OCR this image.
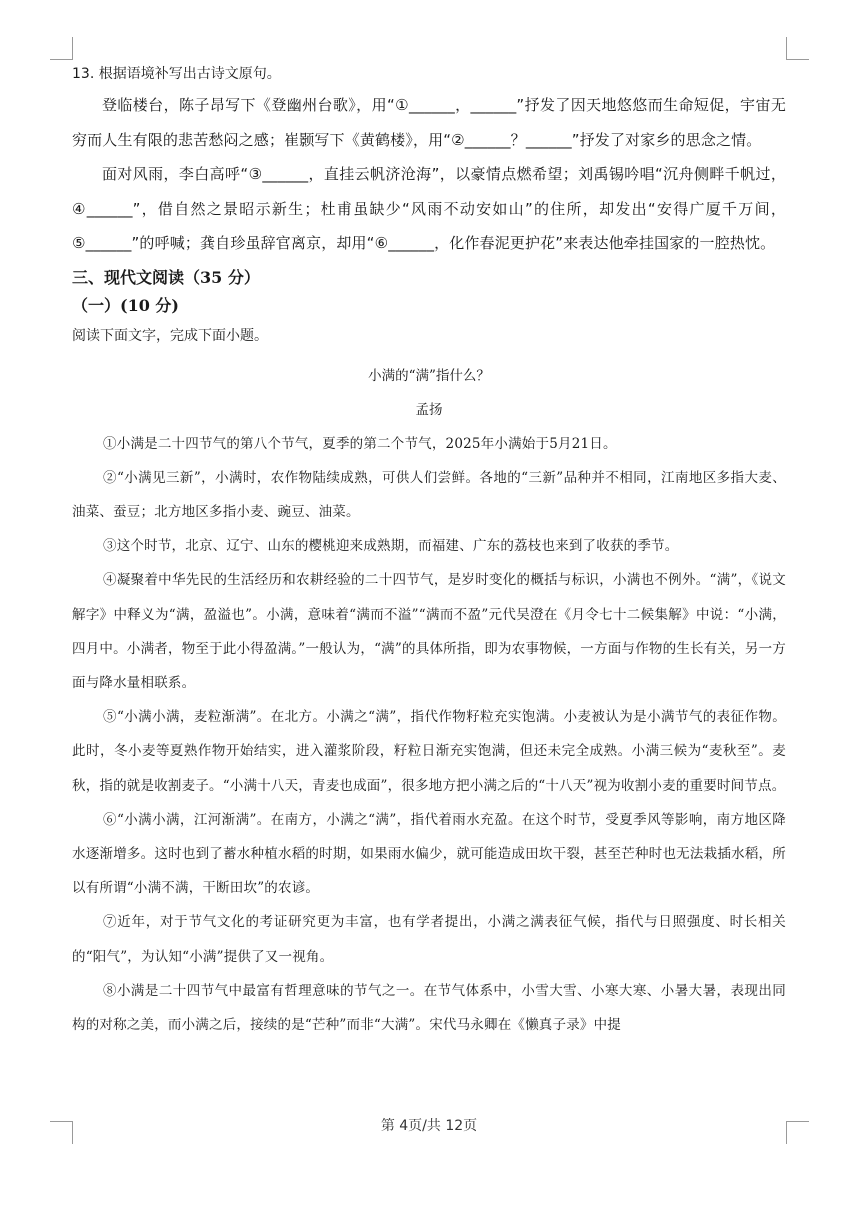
13. 根据语境补写出古诗文原句。

登临楼台，陈子昂写下《登幽州台歌》，用“①______，______”抒发了因天地悠悠而生命短促，宇宙无穷而人生有限的悲苦愁闷之感；崔颢写下《黄鹤楼》，用“②______？______”抒发了对家乡的思念之情。

面对风雨，李白高呼“③______，直挂云帆济沧海”，以豪情点燃希望；刘禹锡吟唱“沉舟侧畔千帆过，④______”，借自然之景昭示新生；杜甫虽缺少“风雨不动安如山”的住所，却发出“安得广厦千万间，⑤______”的呼喊；龚自珍虽辞官离京，却用“⑥______，化作春泥更护花”来表达他牵挂国家的一腔热忱。

三、现代文阅读（35 分）

（一）(10 分)

阅读下面文字，完成下面小题。

小满的“满”指什么？

孟扬

①小满是二十四节气的第八个节气，夏季的第二个节气，2025年小满始于5月21日。

②“小满见三新”，小满时，农作物陆续成熟，可供人们尝鲜。各地的“三新”品种并不相同，江南地区多指大麦、油菜、蚕豆；北方地区多指小麦、豌豆、油菜。

③这个时节，北京、辽宁、山东的樱桃迎来成熟期，而福建、广东的荔枝也来到了收获的季节。

④凝聚着中华先民的生活经历和农耕经验的二十四节气，是岁时变化的概括与标识，小满也不例外。“满”，《说文解字》中释义为“满，盈溢也”。小满，意味着“满而不溢”“满而不盈”元代吴澄在《月令七十二候集解》中说：“小满，四月中。小满者，物至于此小得盈满。”一般认为，“满”的具体所指，即为农事物候，一方面与作物的生长有关，另一方面与降水量相联系。

⑤“小满小满，麦粒渐满”。在北方。小满之“满”，指代作物籽粒充实饱满。小麦被认为是小满节气的表征作物。此时，冬小麦等夏熟作物开始结实，进入灌浆阶段，籽粒日渐充实饱满，但还未完全成熟。小满三候为“麦秋至”。麦秋，指的就是收割麦子。“小满十八天，青麦也成面”，很多地方把小满之后的“十八天”视为收割小麦的重要时间节点。

⑥“小满小满，江河渐满”。在南方，小满之“满”，指代着雨水充盈。在这个时节，受夏季风等影响，南方地区降水逐渐增多。这时也到了蓄水种植水稻的时期，如果雨水偏少，就可能造成田坎干裂，甚至芒种时也无法栽插水稻，所以有所谓“小满不满，干断田坎”的农谚。

⑦近年，对于节气文化的考证研究更为丰富，也有学者提出，小满之满表征气候，指代与日照强度、时长相关的“阳气”，为认知“小满”提供了又一视角。

⑧小满是二十四节气中最富有哲理意味的节气之一。在节气体系中，小雪大雪、小寒大寒、小暑大暑，表现出同构的对称之美，而小满之后，接续的是“芒种”而非“大满”。宋代马永卿在《懒真子录》中提

第 4页/共 12页
